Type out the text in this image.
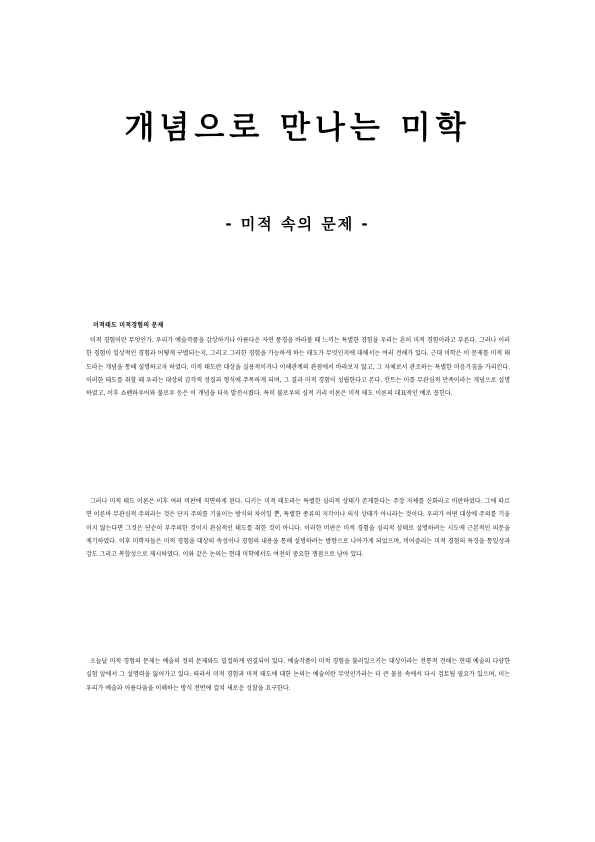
개념으로 만나는 미학
- 미적 속의 문제 -
미적태도 미적경험의 문제
미적 경험이란 무엇인가. 우리가 예술작품을 감상하거나 아름다운 자연 풍경을 바라볼 때 느끼는 특별한 경험을 우리는 흔히 미적 경험이라고 부른다. 그러나 이러한 경험이 일상적인 경험과 어떻게 구별되는지, 그리고 그러한 경험을 가능하게 하는 태도가 무엇인지에 대해서는 여러 견해가 있다. 근대 미학은 이 문제를 미적 태도라는 개념을 통해 설명하고자 하였다. 미적 태도란 대상을 실용적이거나 이해관계의 관점에서 바라보지 않고, 그 자체로서 관조하는 특별한 마음가짐을 가리킨다. 이러한 태도를 취할 때 우리는 대상의 감각적 성질과 형식에 주목하게 되며, 그 결과 미적 경험이 성립한다고 본다. 칸트는 이를 무관심적 만족이라는 개념으로 설명하였고, 이후 쇼펜하우어와 불로우 등은 이 개념을 더욱 발전시켰다. 특히 불로우의 심적 거리 이론은 미적 태도 이론의 대표적인 예로 꼽힌다.
그러나 미적 태도 이론은 이후 여러 비판에 직면하게 된다. 디키는 미적 태도라는 특별한 심리적 상태가 존재한다는 주장 자체를 신화라고 비판하였다. 그에 따르면 이른바 무관심적 주의라는 것은 단지 주의를 기울이는 방식의 차이일 뿐, 특별한 종류의 지각이나 의식 상태가 아니라는 것이다. 우리가 어떤 대상에 주의를 기울이지 않는다면 그것은 단순히 부주의한 것이지 관심적인 태도를 취한 것이 아니다. 이러한 비판은 미적 경험을 심리적 상태로 설명하려는 시도에 근본적인 의문을 제기하였다. 이후 미학자들은 미적 경험을 대상의 속성이나 경험의 내용을 통해 설명하려는 방향으로 나아가게 되었으며, 비어즐리는 미적 경험의 특징을 통일성과 강도 그리고 복합성으로 제시하였다. 이와 같은 논의는 현대 미학에서도 여전히 중요한 쟁점으로 남아 있다.
오늘날 미적 경험의 문제는 예술의 정의 문제와도 밀접하게 연결되어 있다. 예술작품이 미적 경험을 불러일으키는 대상이라는 전통적 견해는 현대 예술의 다양한 실험 앞에서 그 설명력을 잃어가고 있다. 따라서 미적 경험과 미적 태도에 대한 논의는 예술이란 무엇인가라는 더 큰 물음 속에서 다시 검토될 필요가 있으며, 이는 우리가 예술과 아름다움을 이해하는 방식 전반에 걸쳐 새로운 성찰을 요구한다.
